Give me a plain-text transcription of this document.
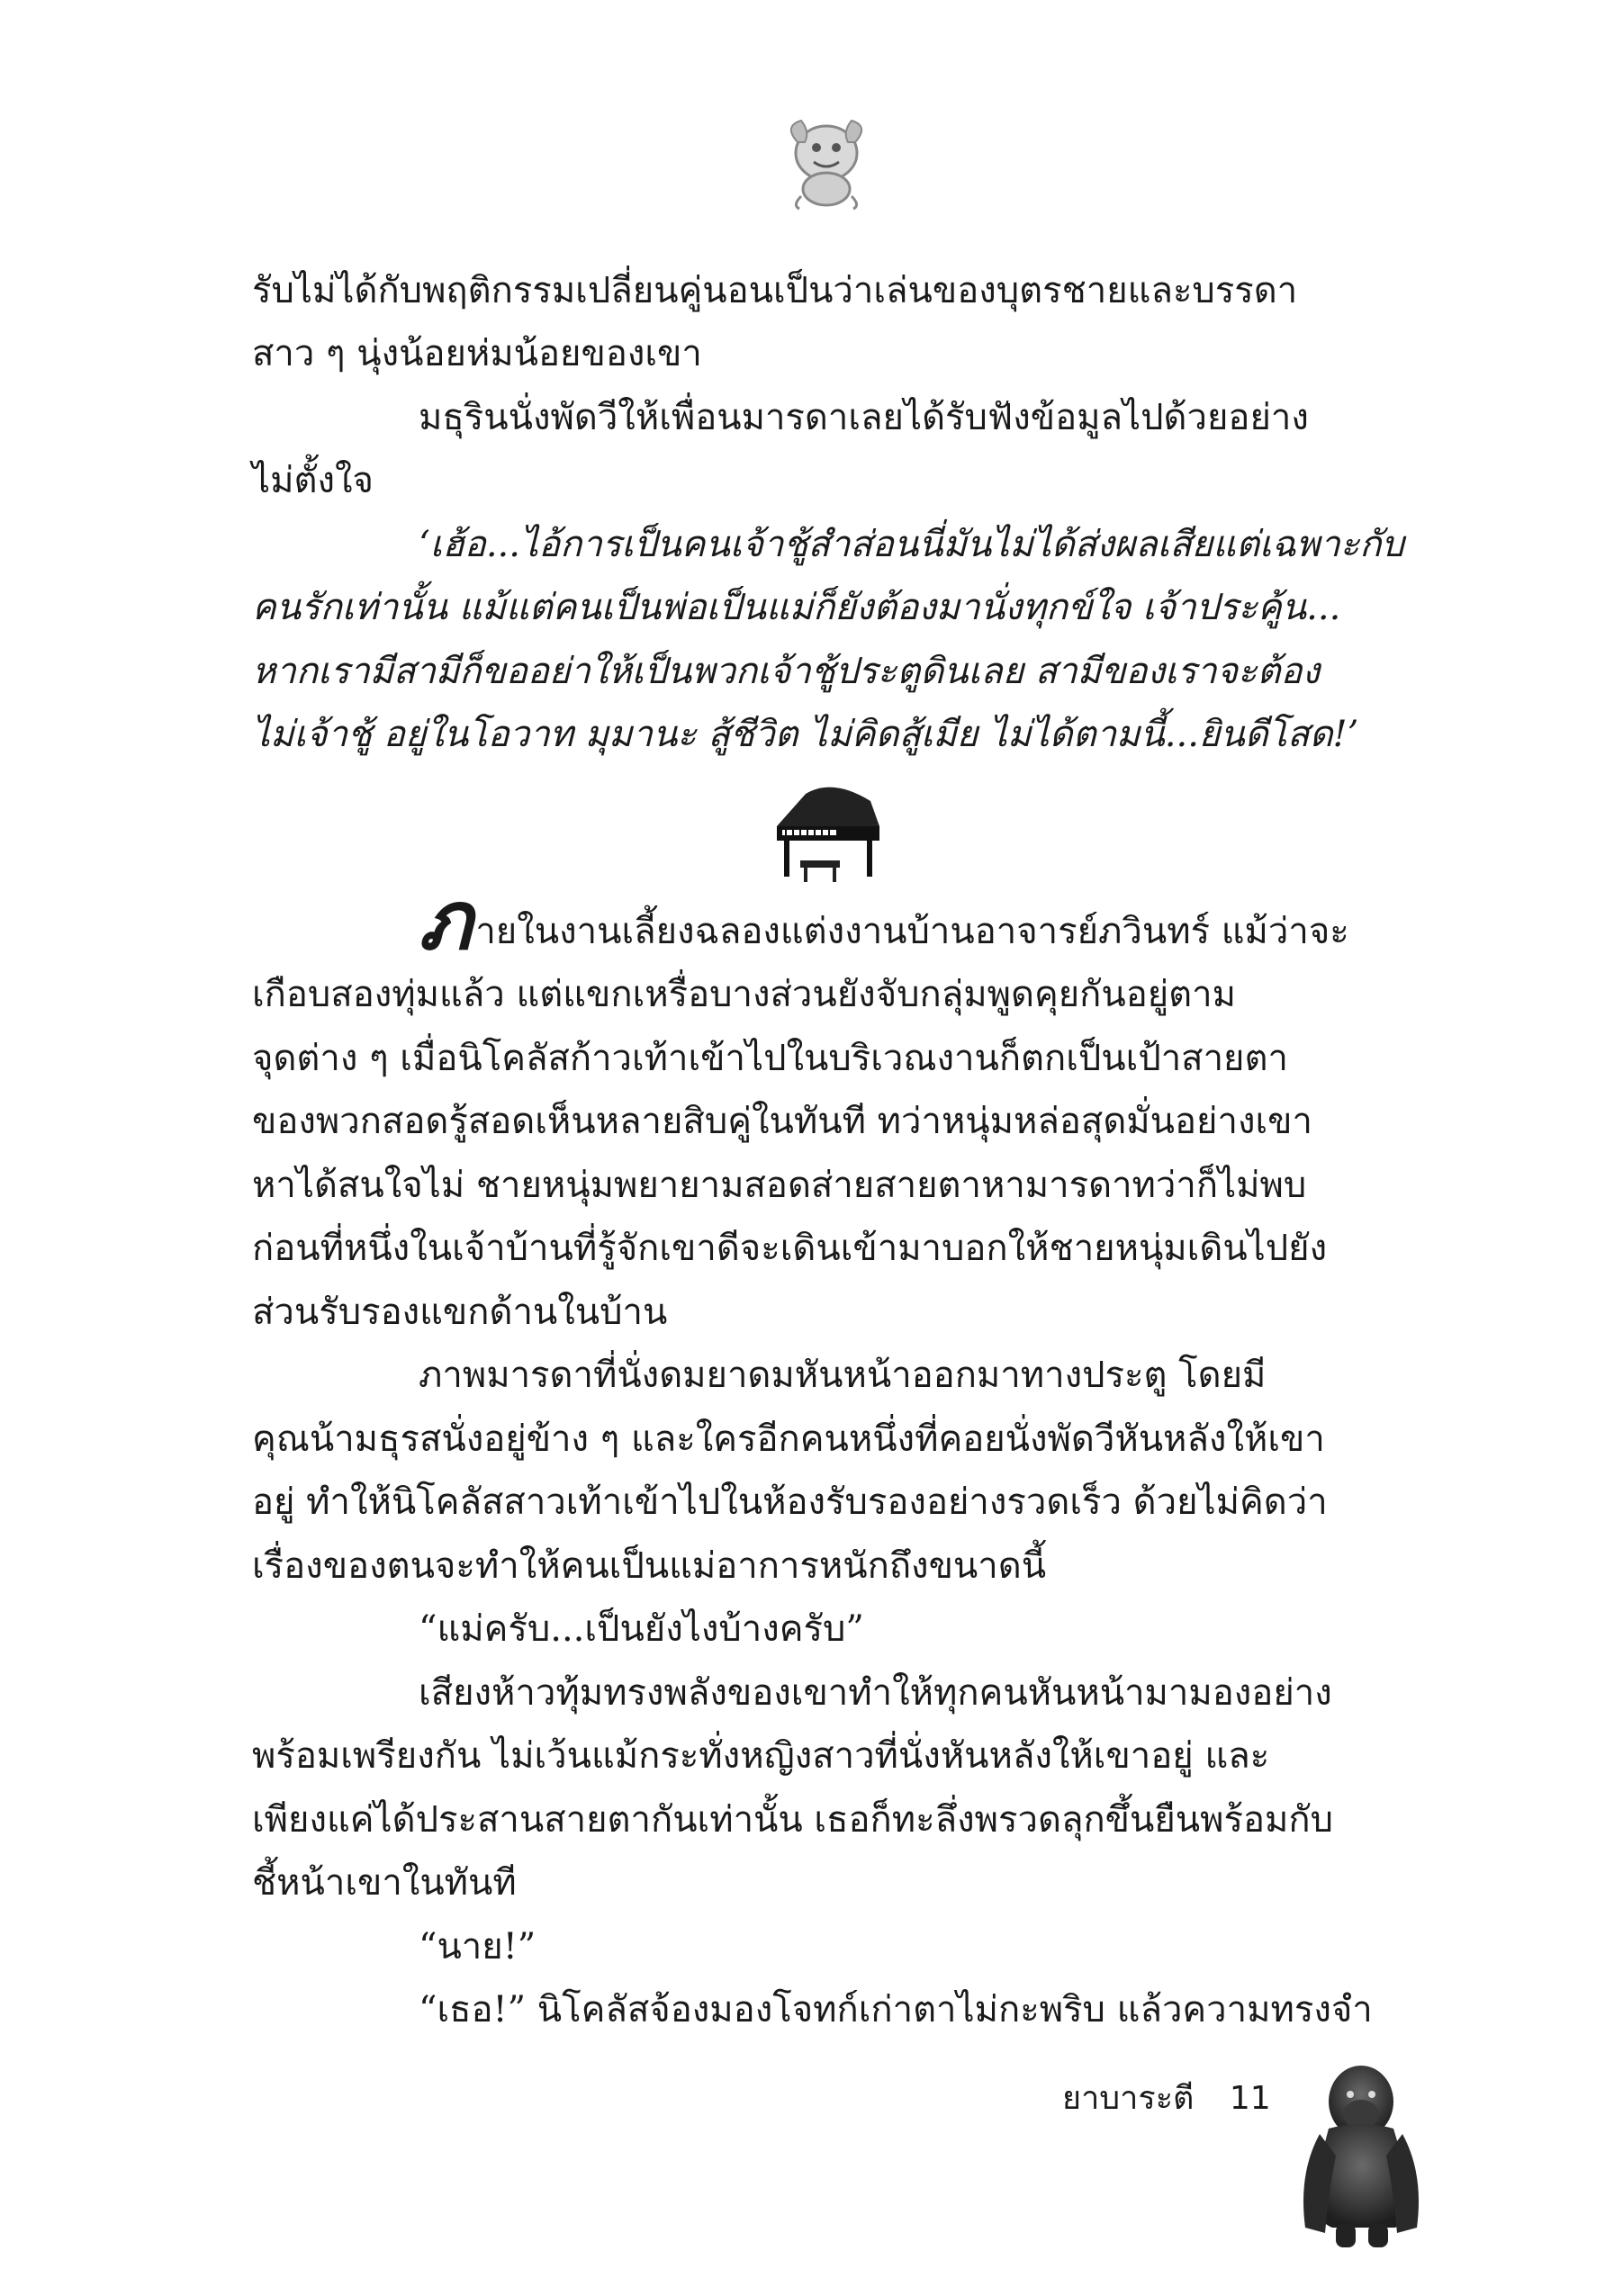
รับไม่ได้กับพฤติกรรมเปลี่ยนคู่นอนเป็นว่าเล่นของบุตรชายและบรรดา

สาว ๆ นุ่งน้อยห่มน้อยของเขา

มธุรินนั่งพัดวีให้เพื่อนมารดาเลยได้รับฟังข้อมูลไปด้วยอย่าง

ไม่ตั้งใจ

‘เฮ้อ...ไอ้การเป็นคนเจ้าชู้สำส่อนนี่มันไม่ได้ส่งผลเสียแต่เฉพาะกับ

คนรักเท่านั้น แม้แต่คนเป็นพ่อเป็นแม่ก็ยังต้องมานั่งทุกข์ใจ เจ้าประคู้น...

หากเรามีสามีก็ขออย่าให้เป็นพวกเจ้าชู้ประตูดินเลย สามีของเราจะต้อง

ไม่เจ้าชู้ อยู่ในโอวาท มุมานะ สู้ชีวิต ไม่คิดสู้เมีย ไม่ได้ตามนี้...ยินดีโสด!’

ภายในงานเลี้ยงฉลองแต่งงานบ้านอาจารย์ภวินทร์ แม้ว่าจะ

เกือบสองทุ่มแล้ว แต่แขกเหรื่อบางส่วนยังจับกลุ่มพูดคุยกันอยู่ตาม

จุดต่าง ๆ เมื่อนิโคลัสก้าวเท้าเข้าไปในบริเวณงานก็ตกเป็นเป้าสายตา

ของพวกสอดรู้สอดเห็นหลายสิบคู่ในทันที ทว่าหนุ่มหล่อสุดมั่นอย่างเขา

หาได้สนใจไม่ ชายหนุ่มพยายามสอดส่ายสายตาหามารดาทว่าก็ไม่พบ

ก่อนที่หนึ่งในเจ้าบ้านที่รู้จักเขาดีจะเดินเข้ามาบอกให้ชายหนุ่มเดินไปยัง

ส่วนรับรองแขกด้านในบ้าน

ภาพมารดาที่นั่งดมยาดมหันหน้าออกมาทางประตู โดยมี

คุณน้ามธุรสนั่งอยู่ข้าง ๆ และใครอีกคนหนึ่งที่คอยนั่งพัดวีหันหลังให้เขา

อยู่ ทำให้นิโคลัสสาวเท้าเข้าไปในห้องรับรองอย่างรวดเร็ว ด้วยไม่คิดว่า

เรื่องของตนจะทำให้คนเป็นแม่อาการหนักถึงขนาดนี้

“แม่ครับ...เป็นยังไงบ้างครับ”

เสียงห้าวทุ้มทรงพลังของเขาทำให้ทุกคนหันหน้ามามองอย่าง

พร้อมเพรียงกัน ไม่เว้นแม้กระทั่งหญิงสาวที่นั่งหันหลังให้เขาอยู่ และ

เพียงแค่ได้ประสานสายตากันเท่านั้น เธอก็ทะลึ่งพรวดลุกขึ้นยืนพร้อมกับ

ชี้หน้าเขาในทันที

“นาย!”

“เธอ!” นิโคลัสจ้องมองโจทก์เก่าตาไม่กะพริบ แล้วความทรงจำ

ยาบาระตี 11
